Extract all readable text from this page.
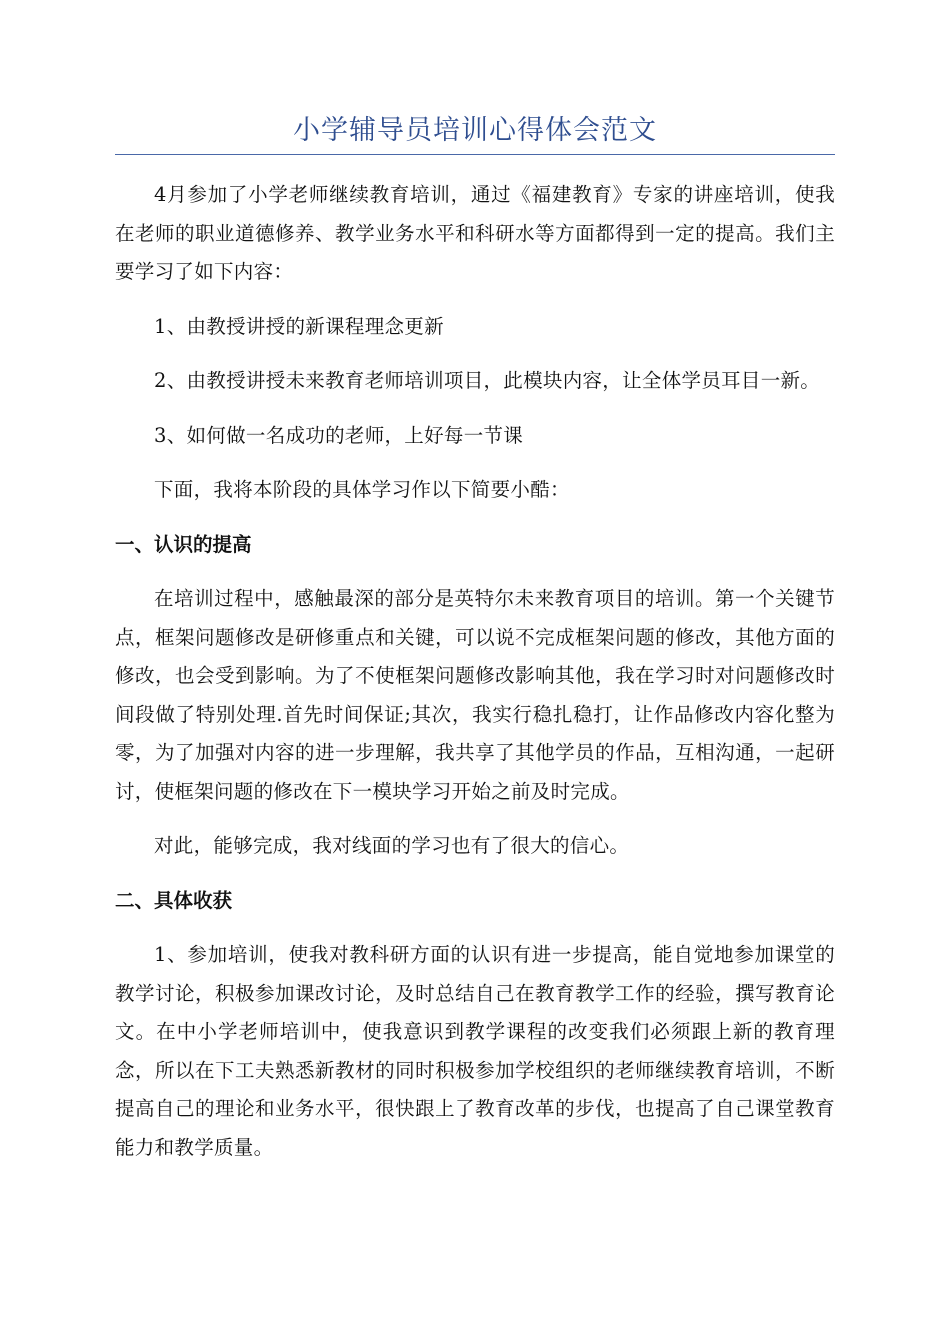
小学辅导员培训心得体会范文

4月参加了小学老师继续教育培训，通过《福建教育》专家的讲座培训，使我在老师的职业道德修养、教学业务水平和科研水等方面都得到一定的提高。我们主要学习了如下内容：

1、由教授讲授的新课程理念更新

2、由教授讲授未来教育老师培训项目，此模块内容，让全体学员耳目一新。

3、如何做一名成功的老师，上好每一节课

下面，我将本阶段的具体学习作以下简要小酷：

一、认识的提高

在培训过程中，感触最深的部分是英特尔未来教育项目的培训。第一个关键节点，框架问题修改是研修重点和关键，可以说不完成框架问题的修改，其他方面的修改，也会受到影响。为了不使框架问题修改影响其他，我在学习时对问题修改时间段做了特别处理.首先时间保证;其次，我实行稳扎稳打，让作品修改内容化整为零，为了加强对内容的进一步理解，我共享了其他学员的作品，互相沟通，一起研讨，使框架问题的修改在下一模块学习开始之前及时完成。

对此，能够完成，我对线面的学习也有了很大的信心。

二、具体收获

1、参加培训，使我对教科研方面的认识有进一步提高，能自觉地参加课堂的教学讨论，积极参加课改讨论，及时总结自己在教育教学工作的经验，撰写教育论文。在中小学老师培训中，使我意识到教学课程的改变我们必须跟上新的教育理念，所以在下工夫熟悉新教材的同时积极参加学校组织的老师继续教育培训，不断提高自己的理论和业务水平，很快跟上了教育改革的步伐，也提高了自己课堂教育能力和教学质量。
